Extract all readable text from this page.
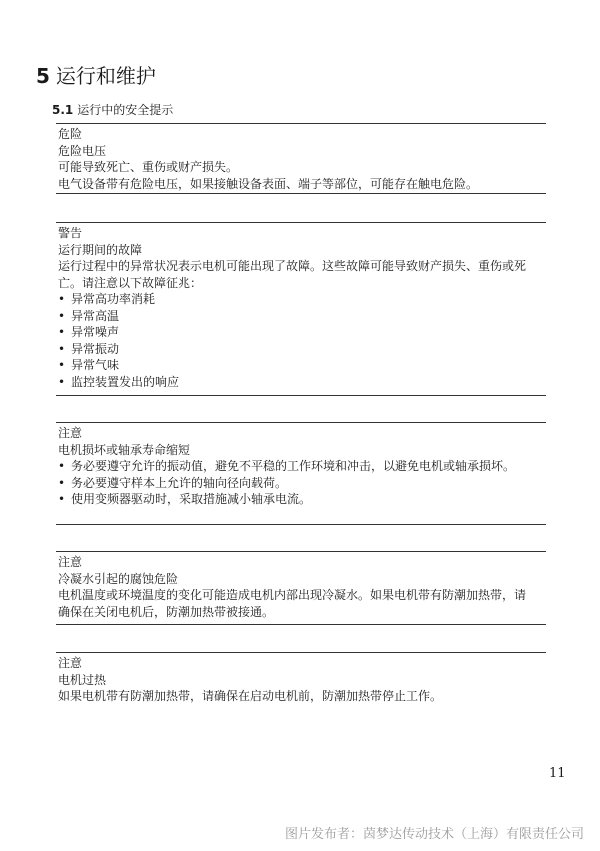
5 运行和维护
5.1 运行中的安全提示
危险
危险电压
可能导致死亡、重伤或财产损失。
电气设备带有危险电压，如果接触设备表面、端子等部位，可能存在触电危险。
警告
运行期间的故障
运行过程中的异常状况表示电机可能出现了故障。这些故障可能导致财产损失、重伤或死亡。请注意以下故障征兆：
• 异常高功率消耗
• 异常高温
• 异常噪声
• 异常振动
• 异常气味
• 监控装置发出的响应
注意
电机损坏或轴承寿命缩短
• 务必要遵守允许的振动值，避免不平稳的工作环境和冲击，以避免电机或轴承损坏。
• 务必要遵守样本上允许的轴向径向载荷。
• 使用变频器驱动时，采取措施减小轴承电流。
注意
冷凝水引起的腐蚀危险
电机温度或环境温度的变化可能造成电机内部出现冷凝水。如果电机带有防潮加热带，请确保在关闭电机后，防潮加热带被接通。
注意
电机过热
如果电机带有防潮加热带，请确保在启动电机前，防潮加热带停止工作。
11
图片发布者：茵梦达传动技术（上海）有限责任公司
